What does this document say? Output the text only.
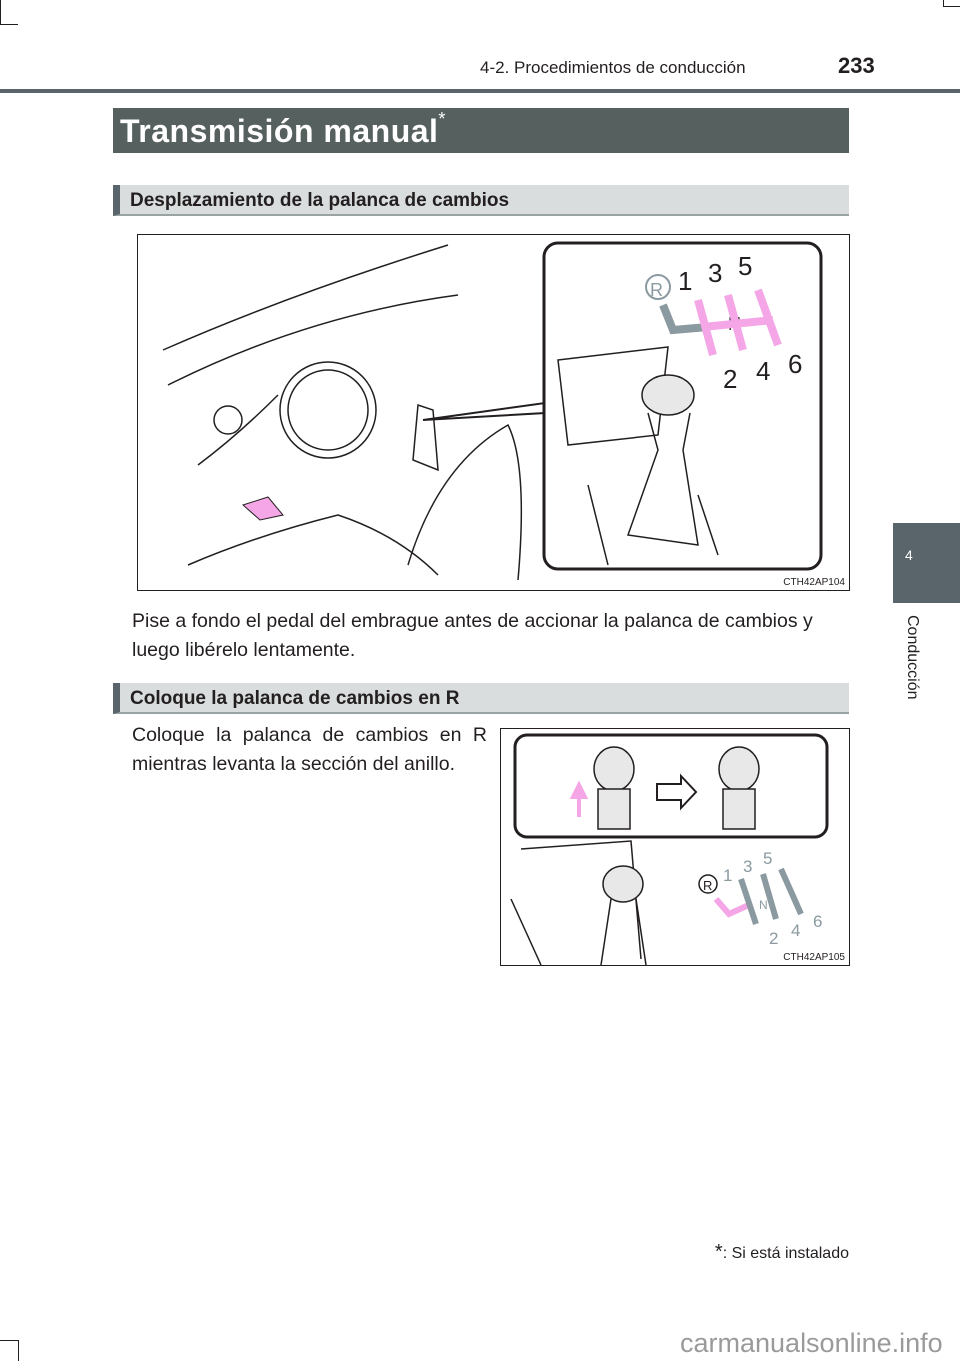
4-2. Procedimientos de conducción	233
Transmisión manual*
Desplazamiento de la palanca de cambios
R 1 3 5
N
2 4 6
CTH42AP104
Pise a fondo el pedal del embrague antes de accionar la palanca de cambios y luego libérelo lentamente.
Coloque la palanca de cambios en R
Coloque la palanca de cambios en R mientras levanta la sección del anillo.
R
1 3 5
N
2 4 6
CTH42AP105
4
Conducción
*: Si está instalado
carmanualsonline.info
